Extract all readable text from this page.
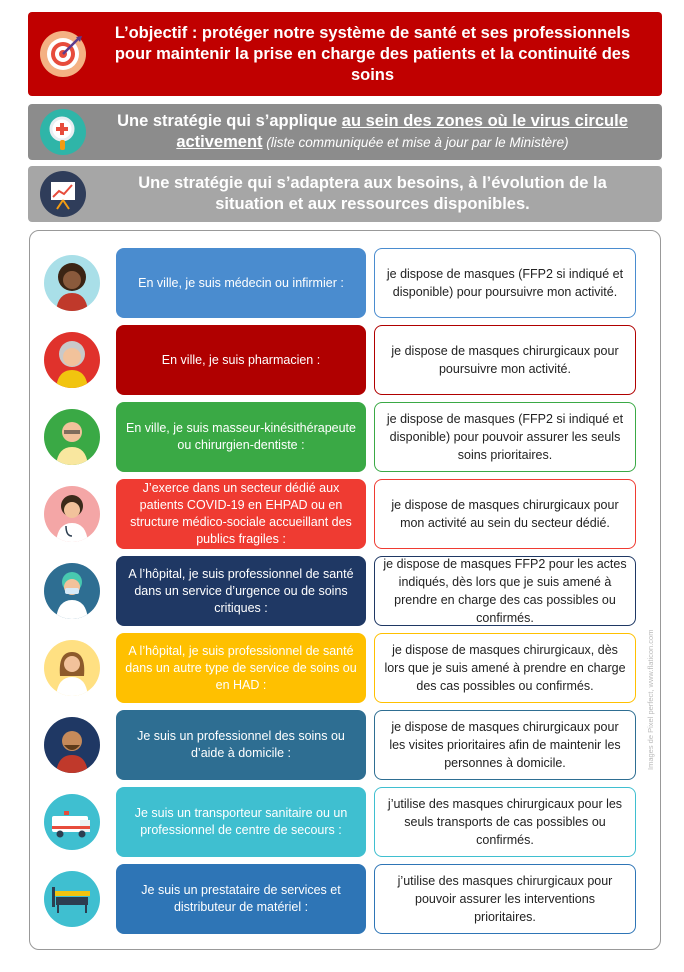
L’objectif : protéger notre système de santé et ses professionnels pour maintenir la prise en charge des patients et la continuité des soins
Une stratégie qui s’applique au sein des zones où le virus circule activement (liste communiquée et mise à jour par le Ministère)
Une stratégie qui s’adaptera aux besoins, à l’évolution de la situation et aux ressources disponibles.
En ville, je suis médecin ou infirmier :
je dispose de masques (FFP2 si indiqué et disponible) pour poursuivre mon activité.
En ville, je suis pharmacien :
je dispose de masques chirurgicaux pour poursuivre mon activité.
En ville, je suis masseur-kinésithérapeute ou chirurgien-dentiste :
je dispose de masques (FFP2 si indiqué et disponible) pour pouvoir assurer les seuls soins prioritaires.
J’exerce dans un secteur dédié aux patients COVID-19 en EHPAD ou en structure médico-sociale accueillant des publics fragiles :
je dispose de masques chirurgicaux pour mon activité au sein du secteur dédié.
A l’hôpital, je suis professionnel de santé dans un service d’urgence ou de soins critiques :
je dispose de masques FFP2 pour les actes indiqués, dès lors que je suis amené à prendre en charge des cas possibles ou confirmés.
A l’hôpital, je suis professionnel de santé dans un autre type de service de soins ou en HAD :
je dispose de masques chirurgicaux, dès lors que je suis amené à prendre en charge des cas possibles ou confirmés.
Je suis un professionnel des soins ou d’aide à domicile :
je dispose de masques chirurgicaux pour les visites prioritaires afin de maintenir les personnes à domicile.
Je suis un transporteur sanitaire ou un professionnel de centre de secours :
j’utilise des masques chirurgicaux pour les seuls transports de cas possibles ou confirmés.
Je suis un prestataire de services et distributeur de matériel :
j’utilise des masques chirurgicaux pour pouvoir assurer les interventions prioritaires.
Images de Pixel perfect, www.flaticon.com
